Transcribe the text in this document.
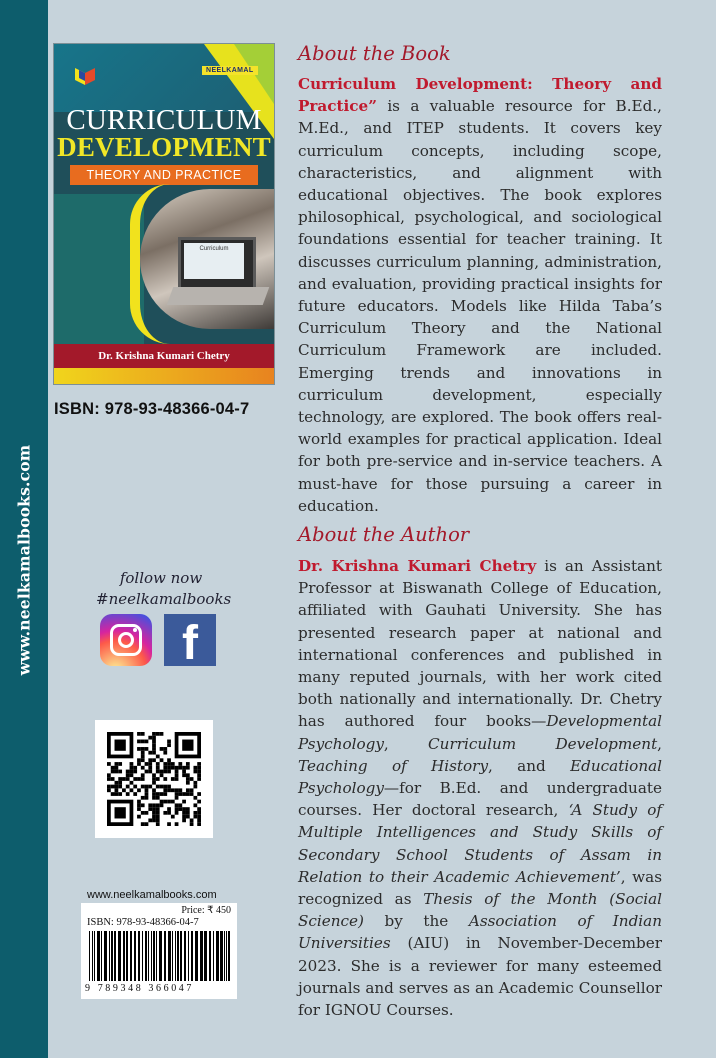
www.neelkamalbooks.com
NEELKAMAL
CURRICULUM
DEVELOPMENT
THEORY AND PRACTICE
Curriculum
Dr. Krishna Kumari Chetry
ISBN: 978-93-48366-04-7
follow now
#neelkamalbooks
f
www.neelkamalbooks.com
Price: ₹ 450
ISBN: 978-93-48366-04-7
9 789348 366047
About the Book
Curriculum Development: Theory and Practice” is a valuable resource for B.Ed., M.Ed., and ITEP students. It covers key curriculum concepts, including scope, characteristics, and alignment with educational objectives. The book explores philosophical, psychological, and sociological foundations essential for teacher training. It discusses curriculum planning, administration, and evaluation, providing practical insights for future educators. Models like Hilda Taba’s Curriculum Theory and the National Curriculum Framework are included. Emerging trends and innovations in curriculum development, especially technology, are explored. The book offers real-world examples for practical application. Ideal for both pre-service and in-service teachers. A must-have for those pursuing a career in education.
About the Author
Dr. Krishna Kumari Chetry is an Assistant Professor at Biswanath College of Education, affiliated with Gauhati University. She has presented research paper at national and international conferences and published in many reputed journals, with her work cited both nationally and internationally. Dr. Chetry has authored four books—Developmental Psychology, Curriculum Development, Teaching of History, and Educational Psychology—for B.Ed. and undergraduate courses. Her doctoral research, ‘A Study of Multiple Intelligences and Study Skills of Secondary School Students of Assam in Relation to their Academic Achievement’, was recognized as Thesis of the Month (Social Science) by the Association of Indian Universities (AIU) in November-December 2023. She is a reviewer for many esteemed journals and serves as an Academic Counsellor for IGNOU Courses.
